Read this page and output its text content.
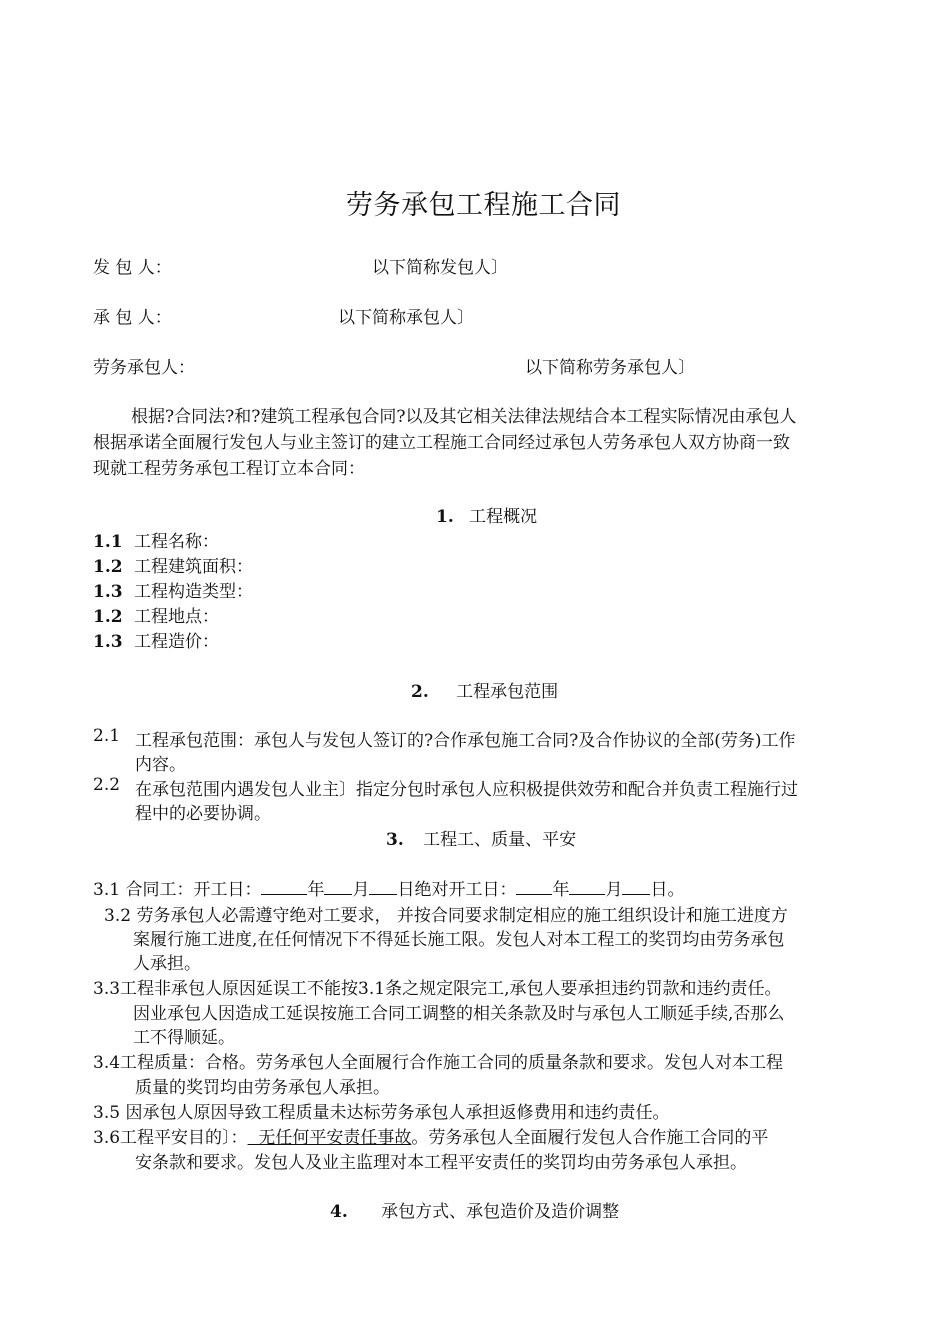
劳务承包工程施工合同
发 包 人：	以下简称发包人〕
承 包 人：	以下简称承包人〕
劳务承包人：	以下简称劳务承包人〕
根据?合同法?和?建筑工程承包合同?以及其它相关法律法规结合本工程实际情况由承包人
根据承诺全面履行发包人与业主签订的建立工程施工合同经过承包人劳务承包人双方协商一致
现就工程劳务承包工程订立本合同：
1. 工程概况
1.1 工程名称：
1.2 工程建筑面积：
1.3 工程构造类型：
1.2 工程地点：
1.3 工程造价：
2. 工程承包范围
2.1 工程承包范围：承包人与发包人签订的?合作承包施工合同?及合作协议的全部(劳务)工作
内容。
2.2 在承包范围内遇发包人业主〕指定分包时承包人应积极提供效劳和配合并负责工程施行过
程中的必要协调。
3. 工程工、质量、平安
3.1 合同工：开工日：	年 月 日绝对开工日： 年 月 日。
3.2 劳务承包人必需遵守绝对工要求， 并按合同要求制定相应的施工组织设计和施工进度方
案履行施工进度,在任何情况下不得延长施工限。发包人对本工程工的奖罚均由劳务承包
人承担。
3.3工程非承包人原因延误工不能按3.1条之规定限完工,承包人要承担违约罚款和违约责任。
因业承包人因造成工延误按施工合同工调整的相关条款及时与承包人工顺延手续,否那么
工不得顺延。
3.4工程质量：合格。劳务承包人全面履行合作施工合同的质量条款和要求。发包人对本工程
质量的奖罚均由劳务承包人承担。
3.5 因承包人原因导致工程质量未达标劳务承包人承担返修费用和违约责任。
3.6工程平安目的〕：  无任何平安责任事故。劳务承包人全面履行发包人合作施工合同的平
安条款和要求。发包人及业主监理对本工程平安责任的奖罚均由劳务承包人承担。
4. 承包方式、承包造价及造价调整
